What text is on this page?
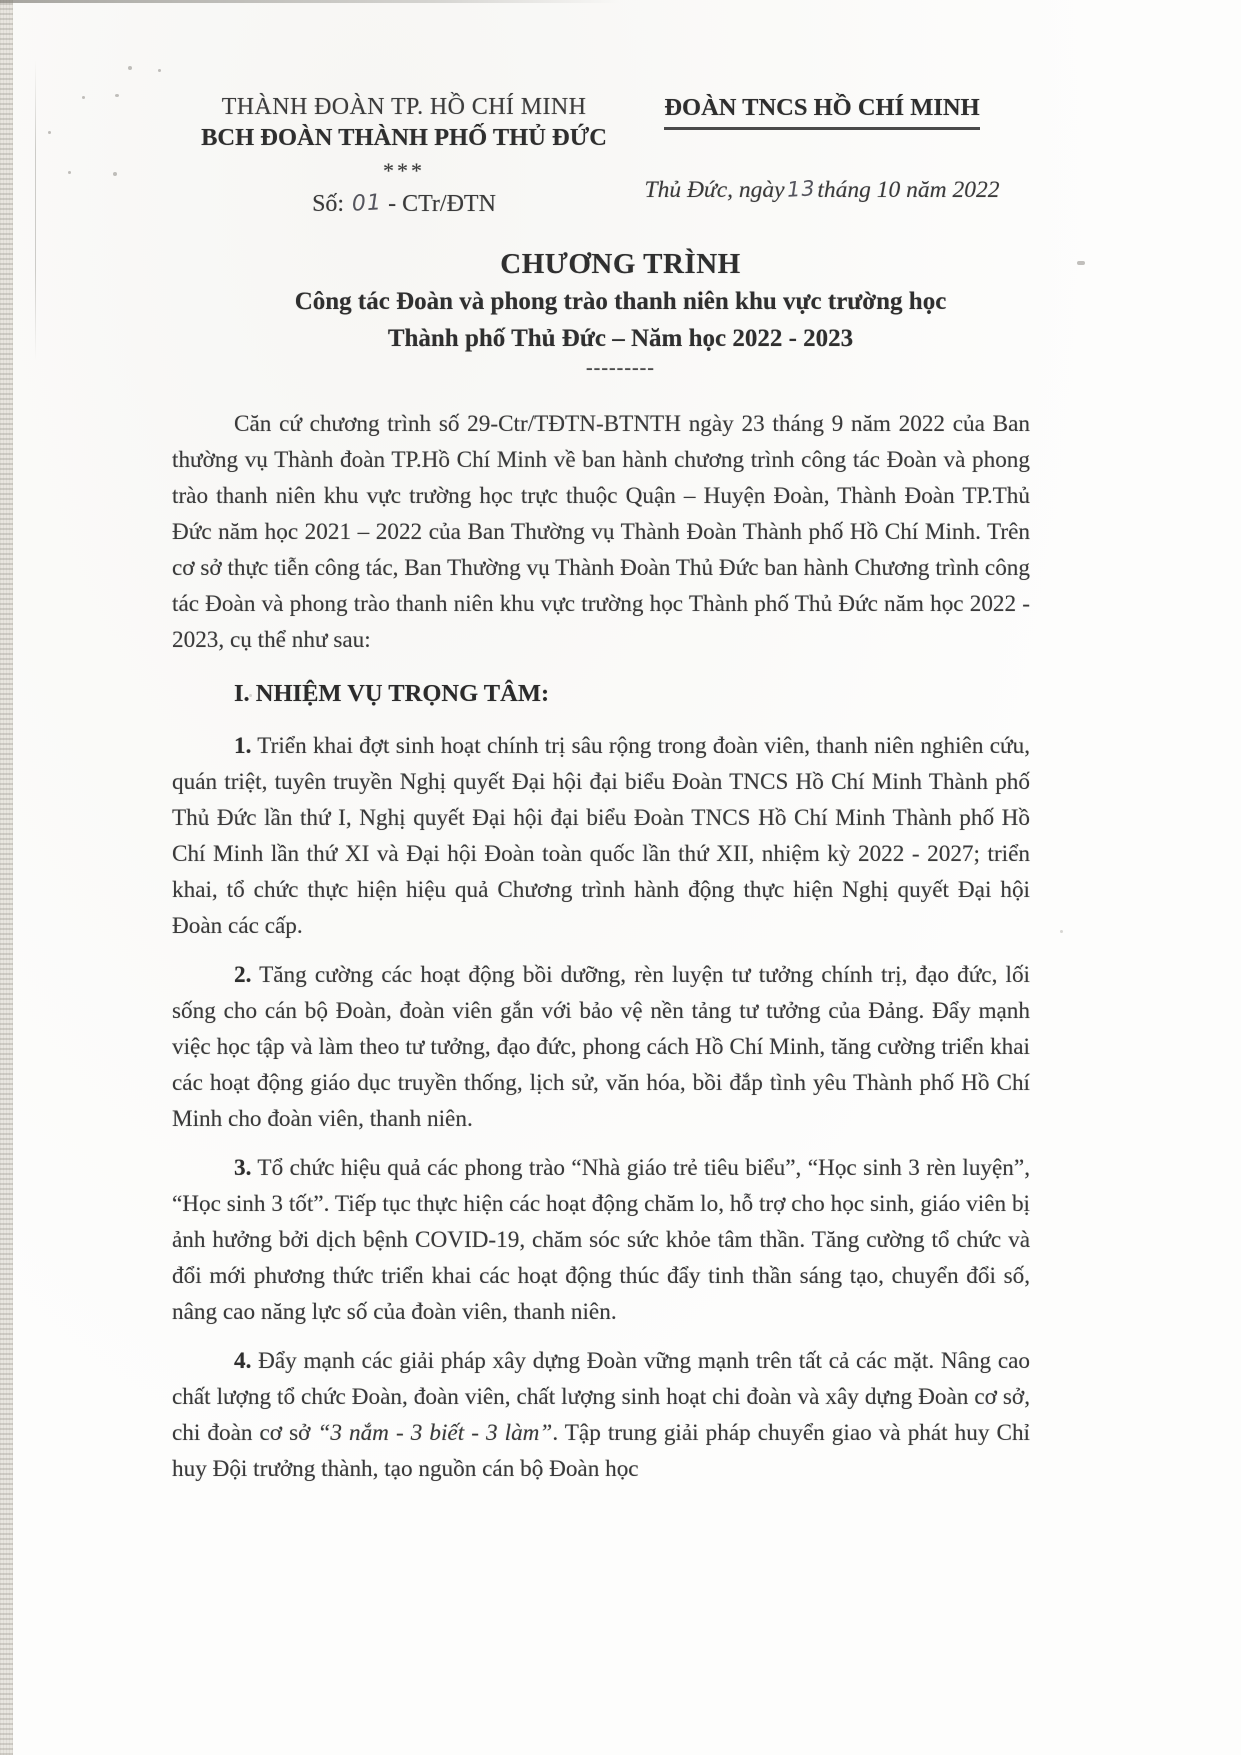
THÀNH ĐOÀN TP. HỒ CHÍ MINH
BCH ĐOÀN THÀNH PHỐ THỦ ĐỨC
***
Số: 01 - CTr/ĐTN
ĐOÀN TNCS HỒ CHÍ MINH
Thủ Đức, ngày13tháng 10 năm 2022
CHƯƠNG TRÌNH
Công tác Đoàn và phong trào thanh niên khu vực trường học
Thành phố Thủ Đức – Năm học 2022 - 2023
---------

Căn cứ chương trình số 29-Ctr/TĐTN-BTNTH ngày 23 tháng 9 năm 2022 của Ban thường vụ Thành đoàn TP.Hồ Chí Minh về ban hành chương trình công tác Đoàn và phong trào thanh niên khu vực trường học trực thuộc Quận – Huyện Đoàn, Thành Đoàn TP.Thủ Đức năm học 2021 – 2022 của Ban Thường vụ Thành Đoàn Thành phố Hồ Chí Minh. Trên cơ sở thực tiễn công tác, Ban Thường vụ Thành Đoàn Thủ Đức ban hành Chương trình công tác Đoàn và phong trào thanh niên khu vực trường học Thành phố Thủ Đức năm học 2022 - 2023, cụ thể như sau:

I. NHIỆM VỤ TRỌNG TÂM:

1. Triển khai đợt sinh hoạt chính trị sâu rộng trong đoàn viên, thanh niên nghiên cứu, quán triệt, tuyên truyền Nghị quyết Đại hội đại biểu Đoàn TNCS Hồ Chí Minh Thành phố Thủ Đức lần thứ I, Nghị quyết Đại hội đại biểu Đoàn TNCS Hồ Chí Minh Thành phố Hồ Chí Minh lần thứ XI và Đại hội Đoàn toàn quốc lần thứ XII, nhiệm kỳ 2022 - 2027; triển khai, tổ chức thực hiện hiệu quả Chương trình hành động thực hiện Nghị quyết Đại hội Đoàn các cấp.

2. Tăng cường các hoạt động bồi dưỡng, rèn luyện tư tưởng chính trị, đạo đức, lối sống cho cán bộ Đoàn, đoàn viên gắn với bảo vệ nền tảng tư tưởng của Đảng. Đẩy mạnh việc học tập và làm theo tư tưởng, đạo đức, phong cách Hồ Chí Minh, tăng cường triển khai các hoạt động giáo dục truyền thống, lịch sử, văn hóa, bồi đắp tình yêu Thành phố Hồ Chí Minh cho đoàn viên, thanh niên.

3. Tổ chức hiệu quả các phong trào “Nhà giáo trẻ tiêu biểu”, “Học sinh 3 rèn luyện”, “Học sinh 3 tốt”. Tiếp tục thực hiện các hoạt động chăm lo, hỗ trợ cho học sinh, giáo viên bị ảnh hưởng bởi dịch bệnh COVID-19, chăm sóc sức khỏe tâm thần. Tăng cường tổ chức và đổi mới phương thức triển khai các hoạt động thúc đẩy tinh thần sáng tạo, chuyển đổi số, nâng cao năng lực số của đoàn viên, thanh niên.

4. Đẩy mạnh các giải pháp xây dựng Đoàn vững mạnh trên tất cả các mặt. Nâng cao chất lượng tổ chức Đoàn, đoàn viên, chất lượng sinh hoạt chi đoàn và xây dựng Đoàn cơ sở, chi đoàn cơ sở “3 nắm - 3 biết - 3 làm”. Tập trung giải pháp chuyển giao và phát huy Chỉ huy Đội trưởng thành, tạo nguồn cán bộ Đoàn học
